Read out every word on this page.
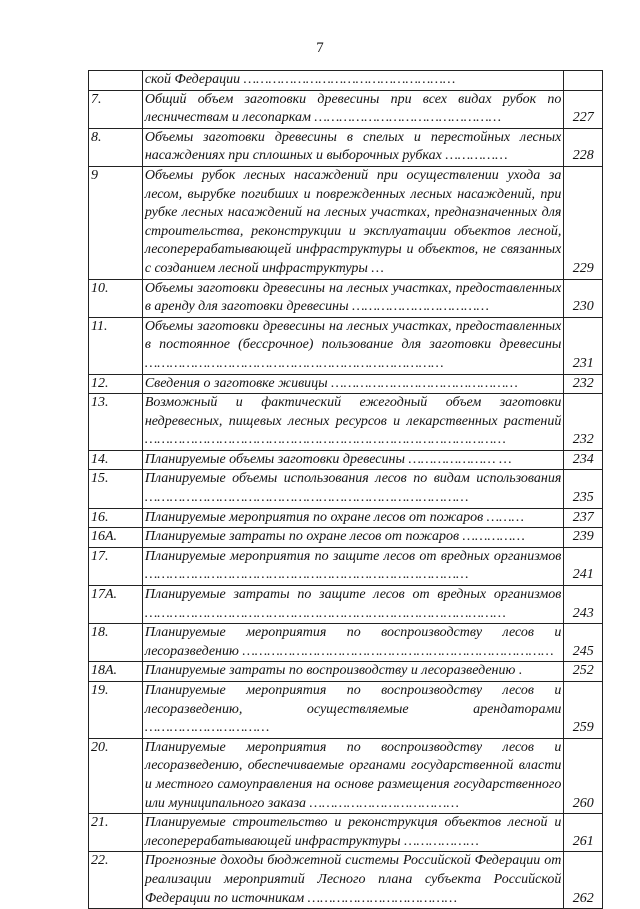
7
	ской Федерации ……………………………………………	
7.	Общий объем заготовки древесины при всех видах рубок по лесничествам и лесопаркам ………………………………………	227
8.	Объемы заготовки древесины в спелых и перестойных лесных насаждениях при сплошных и выборочных рубках ……………	228
9	Объемы рубок лесных насаждений при осуществлении ухода за лесом, вырубке погибших и поврежденных лесных насаждений, при рубке лесных насаждений на лесных участках, предназначенных для строительства, реконструкции и эксплуатации объектов лесной, лесоперерабатывающей инфраструктуры и объектов, не связанных с созданием лесной инфраструктуры …	229
10.	Объемы заготовки древесины на лесных участках, предоставленных в аренду для заготовки древесины ……………………………	230
11.	Объемы заготовки древесины на лесных участках, предоставленных в постоянное (бессрочное) пользование для заготовки древесины ………………………………………………………………	231
12.	Сведения о заготовке живицы ………………………………………	232
13.	Возможный и фактический ежегодный объем заготовки недревесных, пищевых лесных ресурсов и лекарственных растений ……………………………………………………………………………	232
14.	Планируемые объемы заготовки древесины ………………… …	234
15.	Планируемые объемы использования лесов по видам использования ……………………………………………………………………	235
16.	Планируемые мероприятия по охране лесов от пожаров ………	237
16А.	Планируемые затраты по охране лесов от пожаров ……………	239
17.	Планируемые мероприятия по защите лесов от вредных организмов ……………………………………………………………………	241
17А.	Планируемые затраты по защите лесов от вредных организмов ……………………………………………………………………………	243
18.	Планируемые мероприятия по воспроизводству лесов и лесоразведению …………………………………………………………………	245
18А.	Планируемые затраты по воспроизводству и лесоразведению .	252
19.	Планируемые мероприятия по воспроизводству лесов и лесоразведению, осуществляемые арендаторами …………………………	259
20.	Планируемые мероприятия по воспроизводству лесов и лесоразведению, обеспечиваемые органами государственной власти и местного самоуправления на основе размещения государственного или муниципального заказа ………………………………	260
21.	Планируемые строительство и реконструкция объектов лесной и лесоперерабатывающей инфраструктуры ………………	261
22.	Прогнозные доходы бюджетной системы Российской Федерации от реализации мероприятий Лесного плана субъекта Российской Федерации по источникам ………………………………	262
